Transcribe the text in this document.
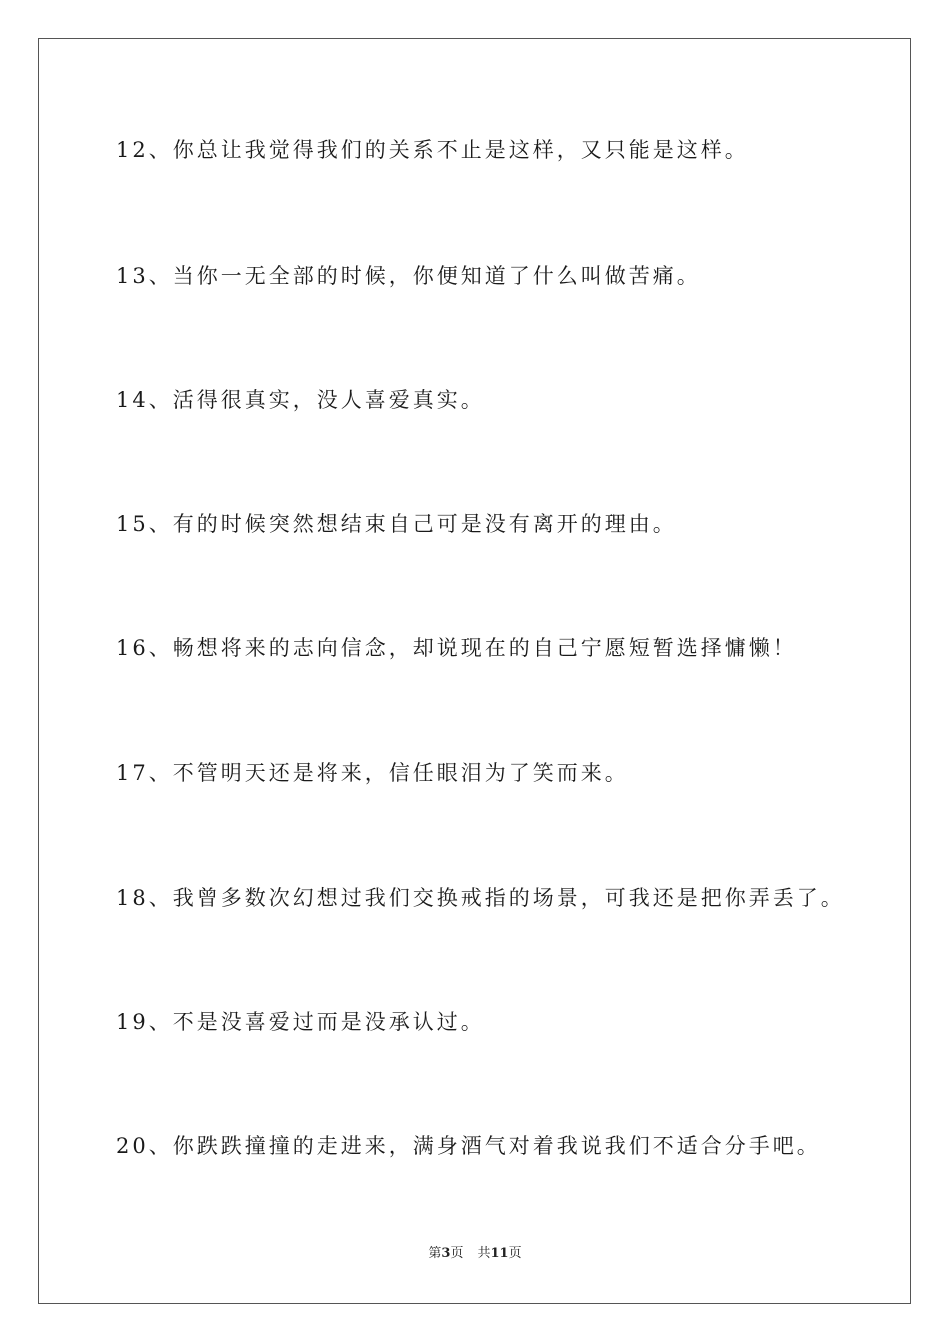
12、你总让我觉得我们的关系不止是这样，又只能是这样。
13、当你一无全部的时候，你便知道了什么叫做苦痛。
14、活得很真实，没人喜爱真实。
15、有的时候突然想结束自己可是没有离开的理由。
16、畅想将来的志向信念，却说现在的自己宁愿短暂选择慵懒！
17、不管明天还是将来，信任眼泪为了笑而来。
18、我曾多数次幻想过我们交换戒指的场景，可我还是把你弄丢了。
19、不是没喜爱过而是没承认过。
20、你跌跌撞撞的走进来，满身酒气对着我说我们不适合分手吧。
第3页 共11页
